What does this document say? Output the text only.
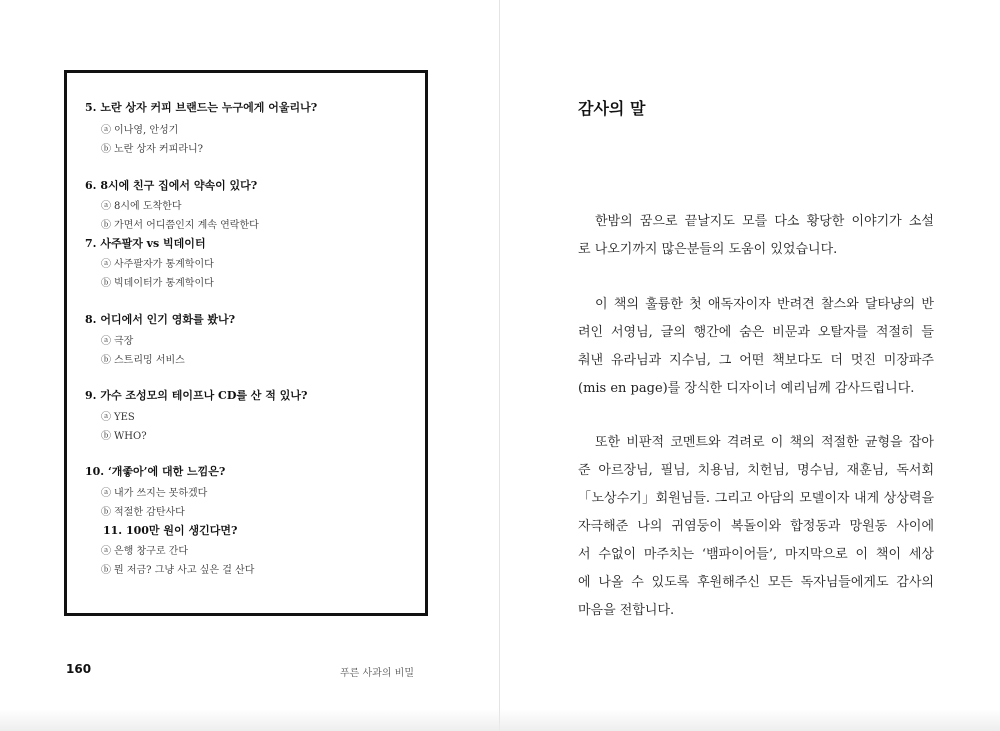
5. 노란 상자 커피 브랜드는 누구에게 어울리나?
ⓐ 이나영, 안성기
ⓑ 노란 상자 커피라니?
6. 8시에 친구 집에서 약속이 있다?
ⓐ 8시에 도착한다
ⓑ 가면서 어디쯤인지 계속 연락한다
7. 사주팔자 vs 빅데이터
ⓐ 사주팔자가 통계학이다
ⓑ 빅데이터가 통계학이다
8. 어디에서 인기 영화를 봤나?
ⓐ 극장
ⓑ 스트리밍 서비스
9. 가수 조성모의 테이프나 CD를 산 적 있나?
ⓐ YES
ⓑ WHO?
10. ‘개좋아’에 대한 느낌은?
ⓐ 내가 쓰지는 못하겠다
ⓑ 적절한 감탄사다
11. 100만 원이 생긴다면?
ⓐ 은행 창구로 간다
ⓑ 뭔 저금? 그냥 사고 싶은 걸 산다
160	푸른 사과의 비밀
감사의 말
한밤의 꿈으로 끝날지도 모를 다소 황당한 이야기가 소설
로 나오기까지 많은분들의 도움이 있었습니다.
이 책의 훌륭한 첫 애독자이자 반려견 찰스와 달타냥의 반
려인 서영님, 글의 행간에 숨은 비문과 오탈자를 적절히 들
춰낸 유라님과 지수님, 그 어떤 책보다도 더 멋진 미장파주
(mis en page)를 장식한 디자이너 예리님께 감사드립니다.
또한 비판적 코멘트와 격려로 이 책의 적절한 균형을 잡아
준 아르장님, 필님, 치용님, 치헌님, 명수님, 재훈님, 독서회
「노상수기」회원님들. 그리고 아담의 모델이자 내게 상상력을
자극해준 나의 귀염둥이 복돌이와 합정동과 망원동 사이에
서 수없이 마주치는 ‘뱀파이어들’, 마지막으로 이 책이 세상
에 나올 수 있도록 후원해주신 모든 독자님들에게도 감사의
마음을 전합니다.
